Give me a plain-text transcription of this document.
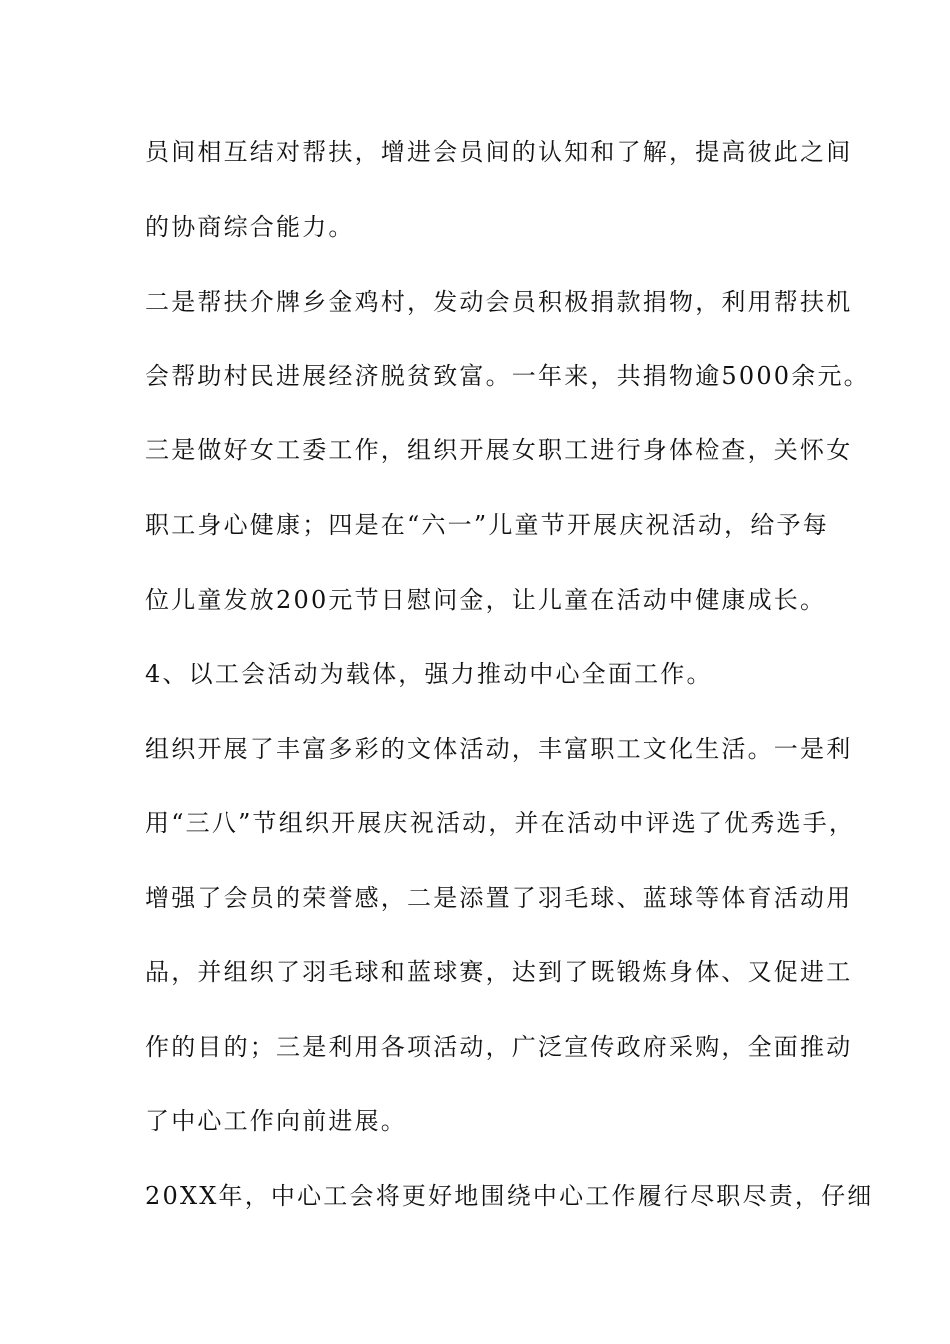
员间相互结对帮扶，增进会员间的认知和了解，提高彼此之间
的协商综合能力。
二是帮扶介牌乡金鸡村，发动会员积极捐款捐物，利用帮扶机
会帮助村民进展经济脱贫致富。一年来，共捐物逾5000余元。
三是做好女工委工作，组织开展女职工进行身体检查，关怀女
职工身心健康；四是在“六一”儿童节开展庆祝活动，给予每
位儿童发放200元节日慰问金，让儿童在活动中健康成长。
4、以工会活动为载体，强力推动中心全面工作。
组织开展了丰富多彩的文体活动，丰富职工文化生活。一是利
用“三八”节组织开展庆祝活动，并在活动中评选了优秀选手，
增强了会员的荣誉感，二是添置了羽毛球、蓝球等体育活动用
品，并组织了羽毛球和蓝球赛，达到了既锻炼身体、又促进工
作的目的；三是利用各项活动，广泛宣传政府采购，全面推动
了中心工作向前进展。
20XX年，中心工会将更好地围绕中心工作履行尽职尽责，仔细
